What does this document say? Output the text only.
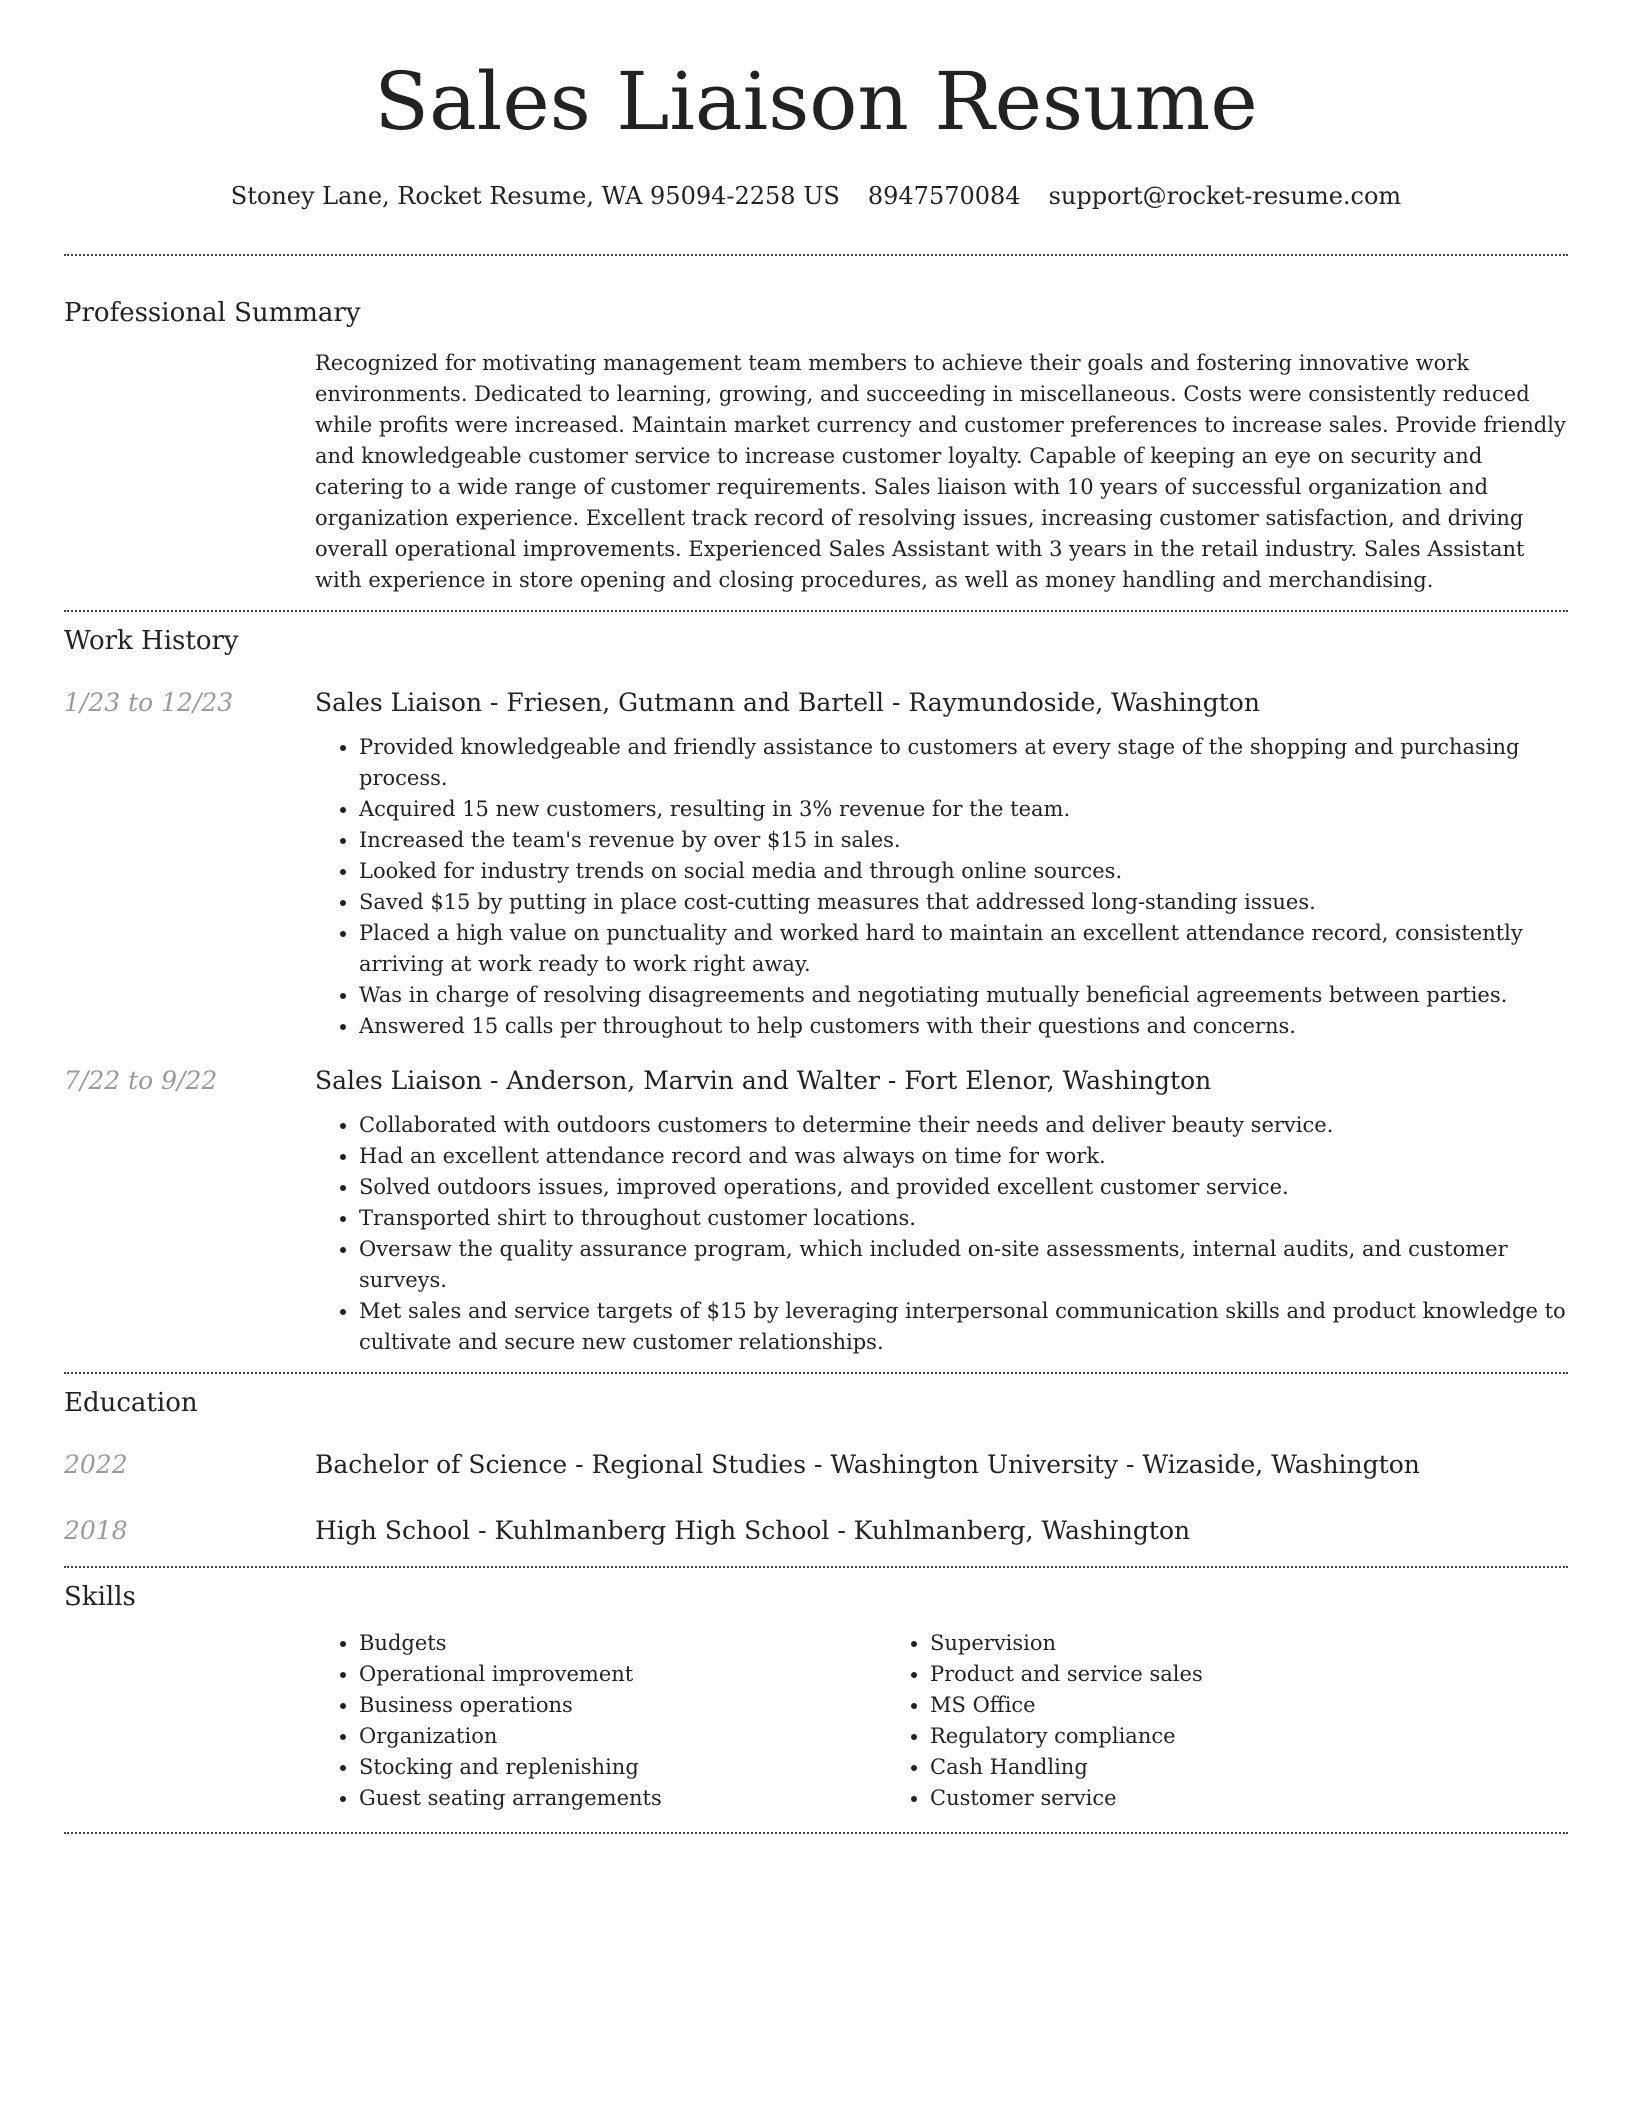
Sales Liaison Resume
Stoney Lane, Rocket Resume, WA 95094-2258 US 8947570084 support@rocket-resume.com
Professional Summary

Recognized for motivating management team members to achieve their goals and fostering innovative work environments. Dedicated to learning, growing, and succeeding in miscellaneous. Costs were consistently reduced while profits were increased. Maintain market currency and customer preferences to increase sales. Provide friendly and knowledgeable customer service to increase customer loyalty. Capable of keeping an eye on security and catering to a wide range of customer requirements. Sales liaison with 10 years of successful organization and organization experience. Excellent track record of resolving issues, increasing customer satisfaction, and driving overall operational improvements. Experienced Sales Assistant with 3 years in the retail industry. Sales Assistant with experience in store opening and closing procedures, as well as money handling and merchandising.

Work History
1/23 to 12/23	Sales Liaison - Friesen, Gutmann and Bartell - Raymundoside, Washington
• Provided knowledgeable and friendly assistance to customers at every stage of the shopping and purchasing process.
• Acquired 15 new customers, resulting in 3% revenue for the team.
• Increased the team's revenue by over $15 in sales.
• Looked for industry trends on social media and through online sources.
• Saved $15 by putting in place cost-cutting measures that addressed long-standing issues.
• Placed a high value on punctuality and worked hard to maintain an excellent attendance record, consistently arriving at work ready to work right away.
• Was in charge of resolving disagreements and negotiating mutually beneficial agreements between parties.
• Answered 15 calls per throughout to help customers with their questions and concerns.
7/22 to 9/22	Sales Liaison - Anderson, Marvin and Walter - Fort Elenor, Washington
• Collaborated with outdoors customers to determine their needs and deliver beauty service.
• Had an excellent attendance record and was always on time for work.
• Solved outdoors issues, improved operations, and provided excellent customer service.
• Transported shirt to throughout customer locations.
• Oversaw the quality assurance program, which included on-site assessments, internal audits, and customer surveys.
• Met sales and service targets of $15 by leveraging interpersonal communication skills and product knowledge to cultivate and secure new customer relationships.
Education
2022	Bachelor of Science - Regional Studies - Washington University - Wizaside, Washington
2018	High School - Kuhlmanberg High School - Kuhlmanberg, Washington
Skills
• Budgets
• Operational improvement
• Business operations
• Organization
• Stocking and replenishing
• Guest seating arrangements
• Supervision
• Product and service sales
• MS Office
• Regulatory compliance
• Cash Handling
• Customer service
